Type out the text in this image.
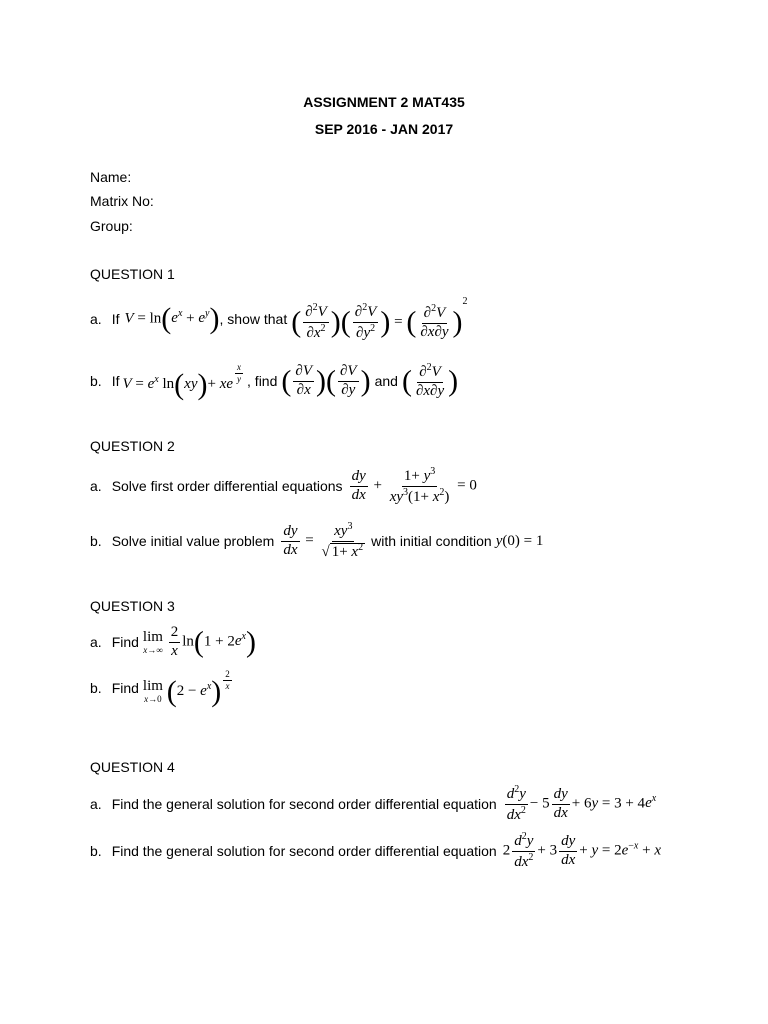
ASSIGNMENT 2 MAT435
SEP 2016 - JAN 2017
Name:
Matrix No:
Group:
QUESTION 1
a. If $V = \ln(e^x + e^y)$ , show that ( $\frac{\partial^2V}{\partial x^2}$ )( $\frac{\partial^2V}{\partial y^2}$ ) = ( $\frac{\partial^2V}{\partial x\partial y} )^2$
b. If $V = e^x$ ln(xy)+ xe $^{\frac{x}{y}}$ , find ( $\frac{\partial V}{\partial x}$ )( $\frac{\partial V}{\partial y}$ ) and ( $\frac{\partial^2V}{\partial x\partial y}$ )
QUESTION 2
a. Solve first order differential equations $\frac{dy}{dx} + \frac{1+ y^3}{xy^3(1+ x^2)} = 0$
b. Solve initial value problem $\frac{dy}{dx} = \frac{xy^3}{√ 1+ x^2}$ with initial condition y(0) = 1
QUESTION 3
a. Find lim
x→∞
$\frac{2}{x} \ln(1 + 2e^x)$
b. Find lim
x→0 $(2 - e^x)$ $^{\frac{2}{x}}$
QUESTION 4
a. Find the general solution for second order differential equation $\frac{d^2y}{dx^2} - 5 \frac{dy}{dx} + 6y = 3 + 4e^x$
b. Find the general solution for second order differential equation $2 \frac{d^2y}{dx^2} + 3 \frac{dy}{dx} + y = 2e^{-x} + x$
